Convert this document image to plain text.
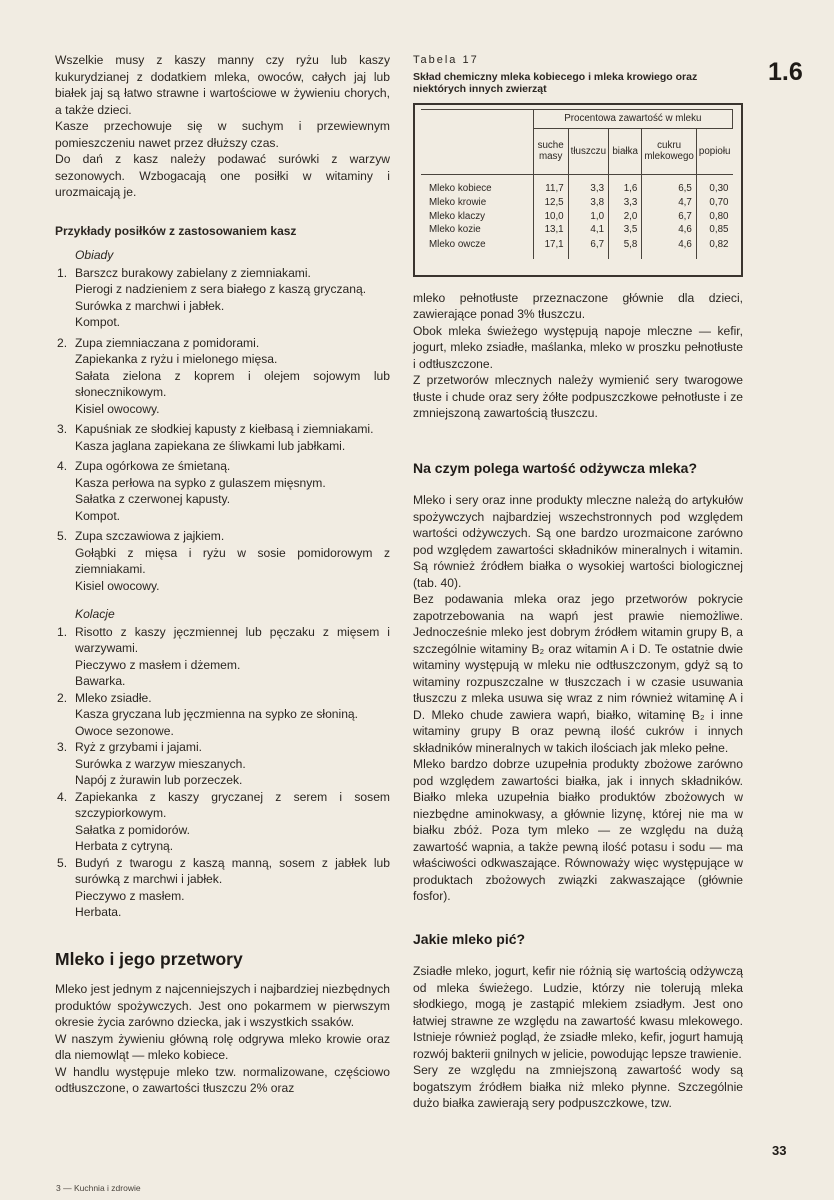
1.6
33
3 — Kuchnia i zdrowie

Wszelkie musy z kaszy manny czy ryżu lub kaszy kukurydzianej z dodatkiem mleka, owoców, całych jaj lub białek jaj są łatwo strawne i wartościowe w żywieniu chorych, a także dzieci.

Kasze przechowuje się w suchym i przewiewnym pomieszczeniu nawet przez dłuższy czas.

Do dań z kasz należy podawać surówki z warzyw sezonowych. Wzbogacają one posiłki w witaminy i urozmaicają je.

Przykłady posiłków z zastosowaniem kasz
Obiady
1. Barszcz burakowy zabielany z ziemniakami.
Pierogi z nadzieniem z sera białego z kaszą gryczaną.
Surówka z marchwi i jabłek.
Kompot.
2. Zupa ziemniaczana z pomidorami.
Zapiekanka z ryżu i mielonego mięsa.
Sałata zielona z koprem i olejem sojowym lub słonecznikowym.
Kisiel owocowy.
3. Kapuśniak ze słodkiej kapusty z kiełbasą i ziemniakami.
Kasza jaglana zapiekana ze śliwkami lub jabłkami.
4. Zupa ogórkowa ze śmietaną.
Kasza perłowa na sypko z gulaszem mięsnym.
Sałatka z czerwonej kapusty.
Kompot.
5. Zupa szczawiowa z jajkiem.
Gołąbki z mięsa i ryżu w sosie pomidorowym z ziemniakami.
Kisiel owocowy.
Kolacje
1. Risotto z kaszy jęczmiennej lub pęczaku z mięsem i warzywami.
Pieczywo z masłem i dżemem.
Bawarka.
2. Mleko zsiadłe.
Kasza gryczana lub jęczmienna na sypko ze słoniną.
Owoce sezonowe.
3. Ryż z grzybami i jajami.
Surówka z warzyw mieszanych.
Napój z żurawin lub porzeczek.
4. Zapiekanka z kaszy gryczanej z serem i sosem szczypiorkowym.
Sałatka z pomidorów.
Herbata z cytryną.
5. Budyń z twarogu z kaszą manną, sosem z jabłek lub surówką z marchwi i jabłek.
Pieczywo z masłem.
Herbata.
Mleko i jego przetwory

Mleko jest jednym z najcenniejszych i najbardziej niezbędnych produktów spożywczych. Jest ono pokarmem w pierwszym okresie życia zarówno dziecka, jak i wszystkich ssaków.

W naszym żywieniu główną rolę odgrywa mleko krowie oraz dla niemowląt — mleko kobiece.

W handlu występuje mleko tzw. normalizowane, częściowo odtłuszczone, o zawartości tłuszczu 2% oraz

Tabela 17
Skład chemiczny mleka kobiecego i mleka krowiego oraz niektórych innych zwierząt
	Procentowa zawartość w mleku				
	suche masy	tłuszczu	białka	cukru mlekowego	popiołu
Mleko kobiece	11,7	3,3	1,6	6,5	0,30
Mleko krowie	12,5	3,8	3,3	4,7	0,70
Mleko klaczy	10,0	1,0	2,0	6,7	0,80
Mleko kozie	13,1	4,1	3,5	4,6	0,85
Mleko owcze	17,1	6,7	5,8	4,6	0,82

mleko pełnotłuste przeznaczone głównie dla dzieci, zawierające ponad 3% tłuszczu.

Obok mleka świeżego występują napoje mleczne — kefir, jogurt, mleko zsiadłe, maślanka, mleko w proszku pełnotłuste i odtłuszczone.

Z przetworów mlecznych należy wymienić sery twarogowe tłuste i chude oraz sery żółte podpuszczkowe pełnotłuste i ze zmniejszoną zawartością tłuszczu.

Na czym polega wartość odżywcza mleka?

Mleko i sery oraz inne produkty mleczne należą do artykułów spożywczych najbardziej wszechstronnych pod względem wartości odżywczych. Są one bardzo urozmaicone zarówno pod względem zawartości składników mineralnych i witamin. Są również źródłem białka o wysokiej wartości biologicznej (tab. 40).

Bez podawania mleka oraz jego przetworów pokrycie zapotrzebowania na wapń jest prawie niemożliwe. Jednocześnie mleko jest dobrym źródłem witamin grupy B, a szczególnie witaminy B₂ oraz witamin A i D. Te ostatnie dwie witaminy występują w mleku nie odtłuszczonym, gdyż są to witaminy rozpuszczalne w tłuszczach i w czasie usuwania tłuszczu z mleka usuwa się wraz z nim również witaminę A i D. Mleko chude zawiera wapń, białko, witaminę B₂ i inne witaminy grupy B oraz pewną ilość cukrów i innych składników mineralnych w takich ilościach jak mleko pełne.

Mleko bardzo dobrze uzupełnia produkty zbożowe zarówno pod względem zawartości białka, jak i innych składników. Białko mleka uzupełnia białko produktów zbożowych w niezbędne aminokwasy, a głównie lizynę, której nie ma w białku zbóż. Poza tym mleko — ze względu na dużą zawartość wapnia, a także pewną ilość potasu i sodu — ma właściwości odkwaszające. Równoważy więc występujące w produktach zbożowych związki zakwaszające (głównie fosfor).

Jakie mleko pić?

Zsiadłe mleko, jogurt, kefir nie różnią się wartością odżywczą od mleka świeżego. Ludzie, którzy nie tolerują mleka słodkiego, mogą je zastąpić mlekiem zsiadłym. Jest ono łatwiej strawne ze względu na zawartość kwasu mlekowego. Istnieje również pogląd, że zsiadłe mleko, kefir, jogurt hamują rozwój bakterii gnilnych w jelicie, powodując lepsze trawienie.

Sery ze względu na zmniejszoną zawartość wody są bogatszym źródłem białka niż mleko płynne. Szczególnie dużo białka zawierają sery podpuszczkowe, tzw.
